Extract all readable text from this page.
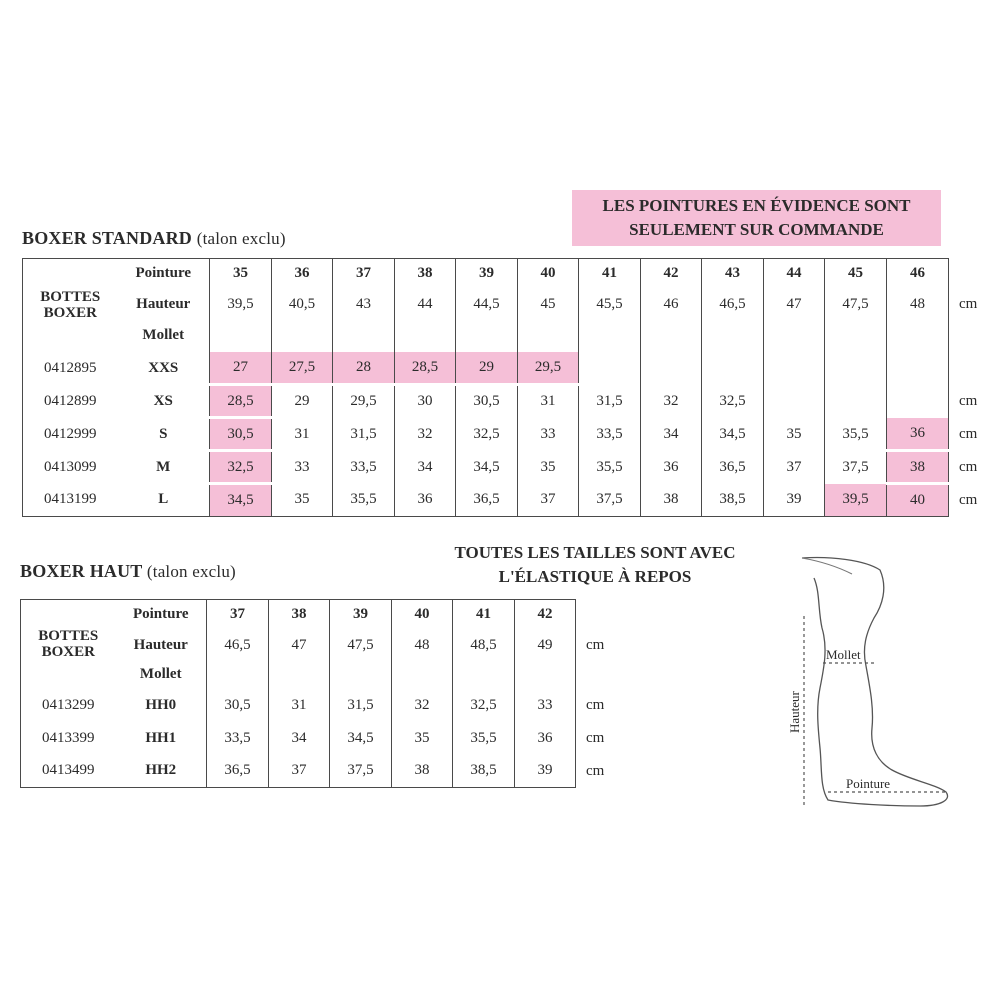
LES POINTURES EN ÉVIDENCE SONT
SEULEMENT SUR COMMANDE
BOXER STANDARD (talon exclu)
BOTTES
BOXER	Pointure	35	36	37	38	39	40	41	42	43	44	45	46	
	Hauteur	39,5	40,5	43	44	44,5	45	45,5	46	46,5	47	47,5	48	cm
	Mollet													
0412895	XXS	27	27,5	28	28,5	29	29,5							
0412899	XS	28,5	29	29,5	30	30,5	31	31,5	32	32,5				cm
0412999	S	30,5	31	31,5	32	32,5	33	33,5	34	34,5	35	35,5	36	cm
0413099	M	32,5	33	33,5	34	34,5	35	35,5	36	36,5	37	37,5	38	cm
0413199	L	34,5	35	35,5	36	36,5	37	37,5	38	38,5	39	39,5	40	cm
BOXER HAUT (talon exclu)
TOUTES LES TAILLES SONT AVEC
L'ÉLASTIQUE À REPOS
BOTTES
BOXER	Pointure	37	38	39	40	41	42	
	Hauteur	46,5	47	47,5	48	48,5	49	cm
	Mollet							
0413299	HH0	30,5	31	31,5	32	32,5	33	cm
0413399	HH1	33,5	34	34,5	35	35,5	36	cm
0413499	HH2	36,5	37	37,5	38	38,5	39	cm
Mollet
Pointure
Hauteur
